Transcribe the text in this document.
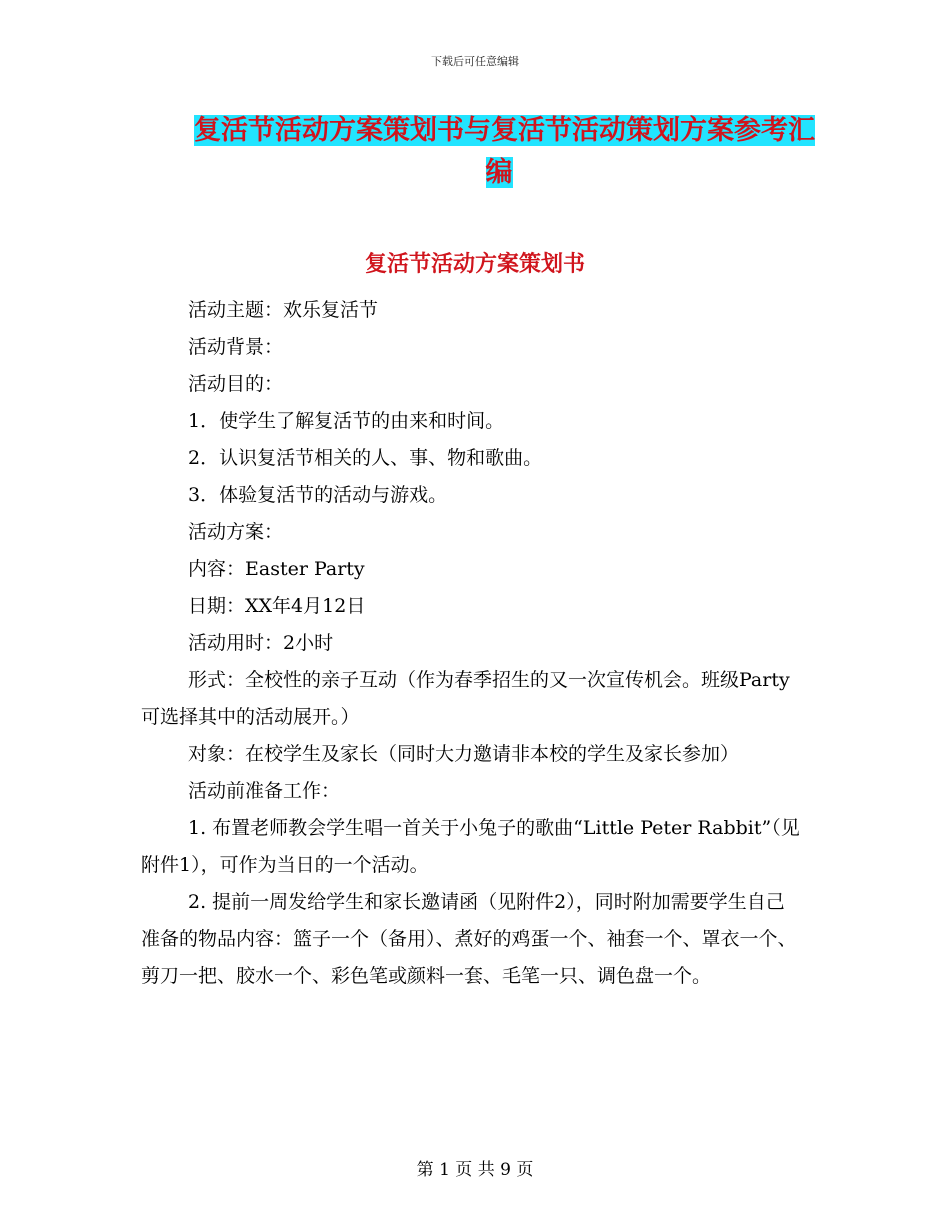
下载后可任意编辑
复活节活动方案策划书与复活节活动策划方案参考汇
编
复活节活动方案策划书

活动主题：欢乐复活节

活动背景：

活动目的：

1．使学生了解复活节的由来和时间。

2．认识复活节相关的人、事、物和歌曲。

3．体验复活节的活动与游戏。

活动方案：

内容：Easter Party

日期：XX年4月12日

活动用时：2小时

形式：全校性的亲子互动（作为春季招生的又一次宣传机会。班级Party可选择其中的活动展开。）

对象：在校学生及家长（同时大力邀请非本校的学生及家长参加）

活动前准备工作：

1. 布置老师教会学生唱一首关于小兔子的歌曲“Little Peter Rabbit”（见附件1），可作为当日的一个活动。

2. 提前一周发给学生和家长邀请函（见附件2），同时附加需要学生自己准备的物品内容：篮子一个（备用）、煮好的鸡蛋一个、袖套一个、罩衣一个、剪刀一把、胶水一个、彩色笔或颜料一套、毛笔一只、调色盘一个。

第 1 页 共 9 页
